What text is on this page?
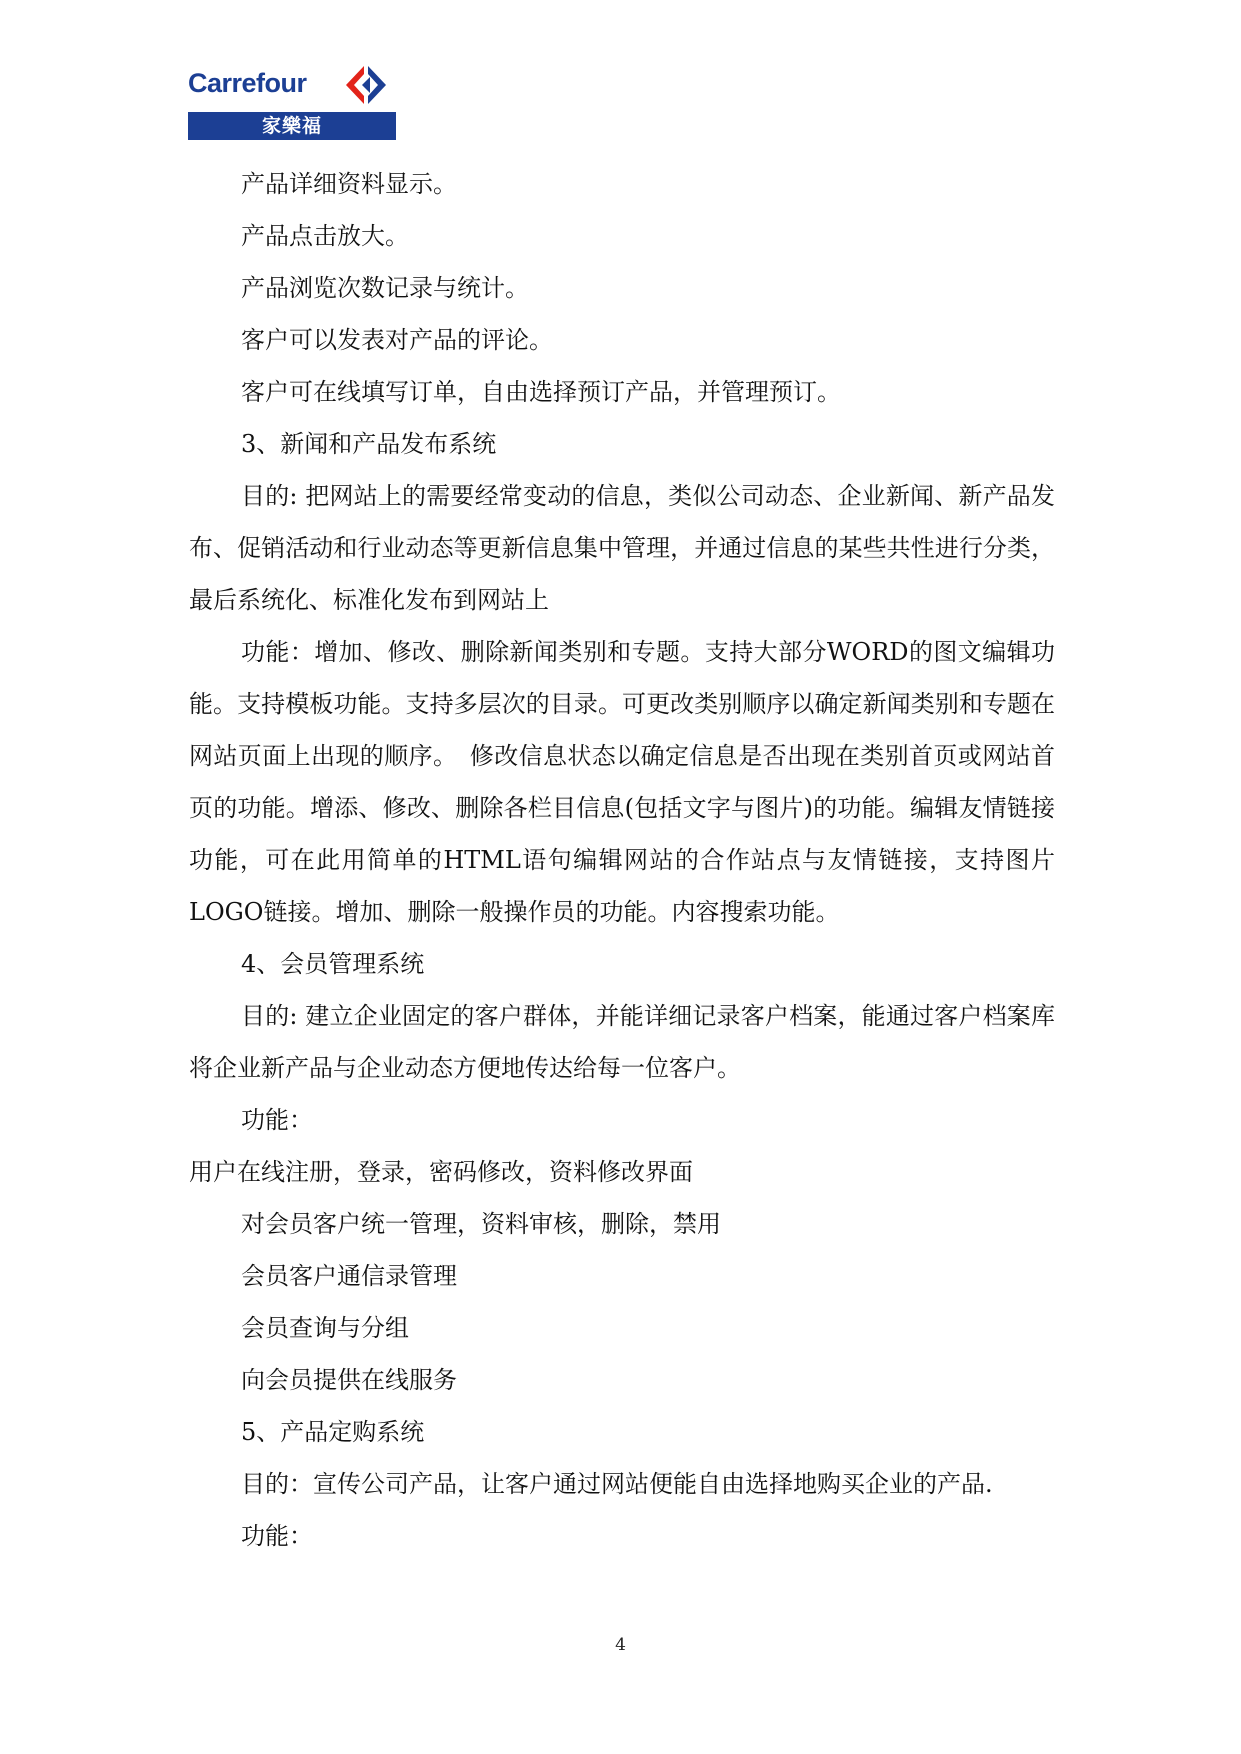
Carrefour
家樂福

产品详细资料显示。

产品点击放大。

产品浏览次数记录与统计。

客户可以发表对产品的评论。

客户可在线填写订单，自由选择预订产品，并管理预订。

3、新闻和产品发布系统

目的: 把网站上的需要经常变动的信息，类似公司动态、企业新闻、新产品发布、促销活动和行业动态等更新信息集中管理，并通过信息的某些共性进行分类，最后系统化、标准化发布到网站上

功能：增加、修改、删除新闻类别和专题。支持大部分WORD的图文编辑功能。支持模板功能。支持多层次的目录。可更改类别顺序以确定新闻类别和专题在网站页面上出现的顺序。　修改信息状态以确定信息是否出现在类别首页或网站首页的功能。增添、修改、删除各栏目信息(包括文字与图片)的功能。编辑友情链接功能，可在此用简单的HTML语句编辑网站的合作站点与友情链接，支持图片LOGO链接。增加、删除一般操作员的功能。内容搜索功能。

4、会员管理系统

目的: 建立企业固定的客户群体，并能详细记录客户档案，能通过客户档案库将企业新产品与企业动态方便地传达给每一位客户。

功能：

用户在线注册，登录，密码修改，资料修改界面

对会员客户统一管理，资料审核，删除，禁用

会员客户通信录管理

会员查询与分组

向会员提供在线服务

5、产品定购系统

目的：宣传公司产品，让客户通过网站便能自由选择地购买企业的产品.

功能：

4
